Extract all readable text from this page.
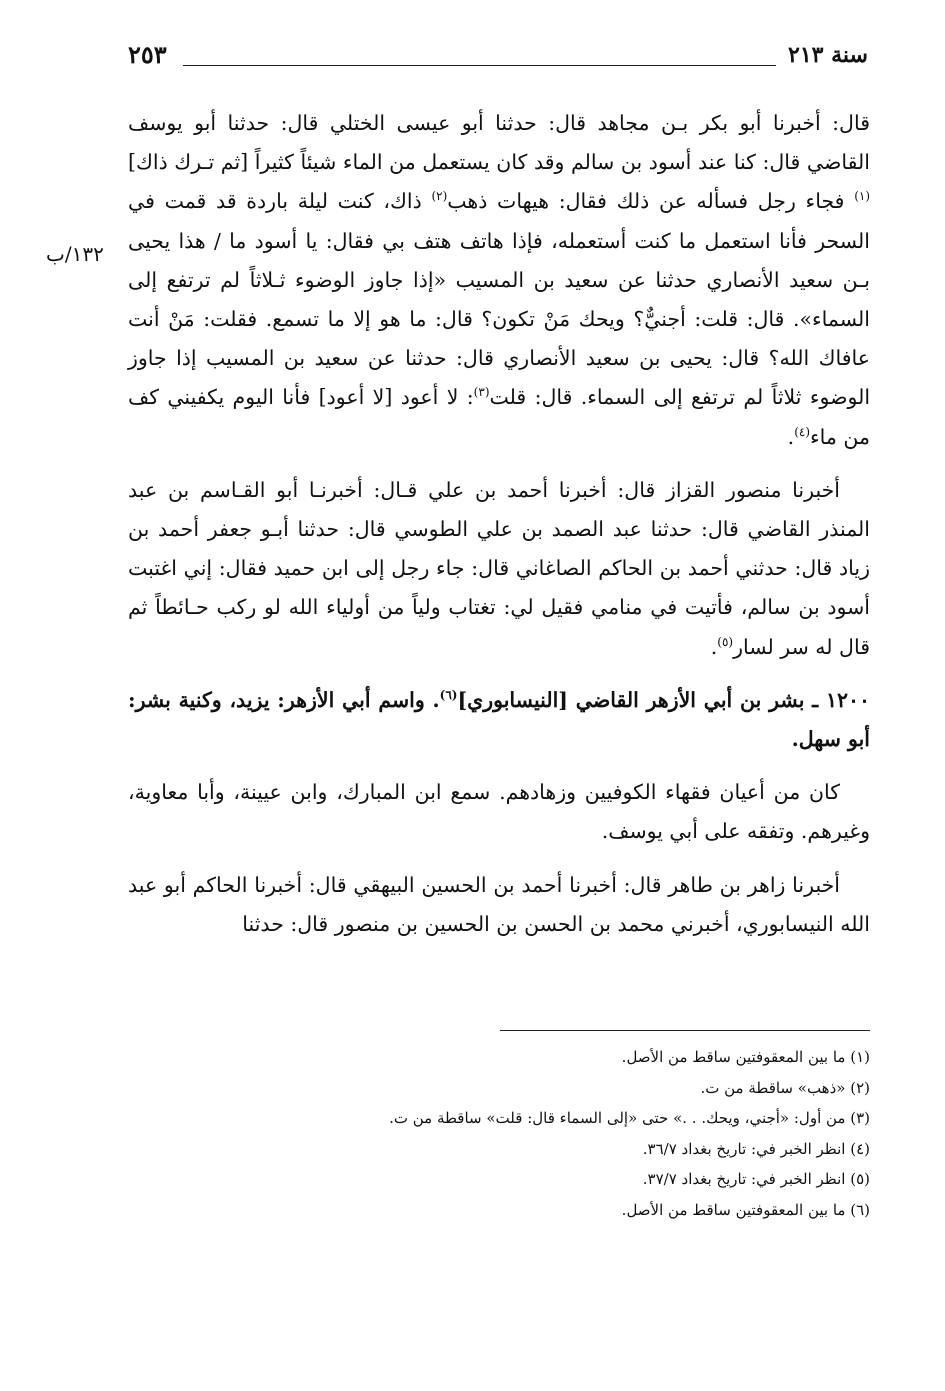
سنة ٢١٣
٢٥٣
١٣٢/ب

قال: أخبرنا أبو بكر بـن مجاهد قال: حدثنا أبو عيسى الختلي قال: حدثنا أبو يوسف القاضي قال: كنا عند أسود بن سالم وقد كان يستعمل من الماء شيئاً كثيراً [ثم تـرك ذاك]$^{(١)}$ فجاء رجل فسأله عن ذلك فقال: هيهات ذهب$^{(٢)}$ ذاك، كنت ليلة باردة قد قمت في السحر فأنا استعمل ما كنت أستعمله، فإذا هاتف هتف بي فقال: يا أسود ما / هذا يحيى بـن سعيد الأنصاري حدثنا عن سعيد بن المسيب «إذا جاوز الوضوء ثـلاثاً لم ترتفع إلى السماء». قال: قلت: أجنيٌّ؟ ويحك مَنْ تكون؟ قال: ما هو إلا ما تسمع. فقلت: مَنْ أنت عافاك الله؟ قال: يحيى بن سعيد الأنصاري قال: حدثنا عن سعيد بن المسيب إذا جاوز الوضوء ثلاثاً لم ترتفع إلى السماء. قال: قلت$^{(٣)}$: لا أعود [لا أعود] فأنا اليوم يكفيني كف من ماء$^{(٤)}$.

أخبرنا منصور القزاز قال: أخبرنا أحمد بن علي قـال: أخبرنـا أبو القـاسم بن عبد المنذر القاضي قال: حدثنا عبد الصمد بن علي الطوسي قال: حدثنا أبـو جعفر أحمد بن زياد قال: حدثني أحمد بن الحاكم الصاغاني قال: جاء رجل إلى ابن حميد فقال: إني اغتبت أسود بن سالم، فأتيت في منامي فقيل لي: تغتاب ولياً من أولياء الله لو ركب حـائطاً ثم قال له سر لسار$^{(٥)}$.

١٢٠٠ ـ بشر بن أبي الأزهر القاضي [النيسابوري]$^{(٦)}$. واسم أبي الأزهر: يزيد، وكنية بشر: أبو سهل.

كان من أعيان فقهاء الكوفيين وزهادهم. سمع ابن المبارك، وابن عيينة، وأبا معاوية، وغيرهم. وتفقه على أبي يوسف.

أخبرنا زاهر بن طاهر قال: أخبرنا أحمد بن الحسين البيهقي قال: أخبرنا الحاكم أبو عبد الله النيسابوري، أخبرني محمد بن الحسن بن الحسين بن منصور قال: حدثنا

(١) ما بين المعقوفتين ساقط من الأصل.

(٢) «ذهب» ساقطة من ت.

(٣) من أول: «أجني، ويحك. . .» حتى «إلى السماء قال: قلت» ساقطة من ت.

(٤) انظر الخبر في: تاريخ بغداد ٣٦/٧.

(٥) انظر الخبر في: تاريخ بغداد ٣٧/٧.

(٦) ما بين المعقوفتين ساقط من الأصل.
